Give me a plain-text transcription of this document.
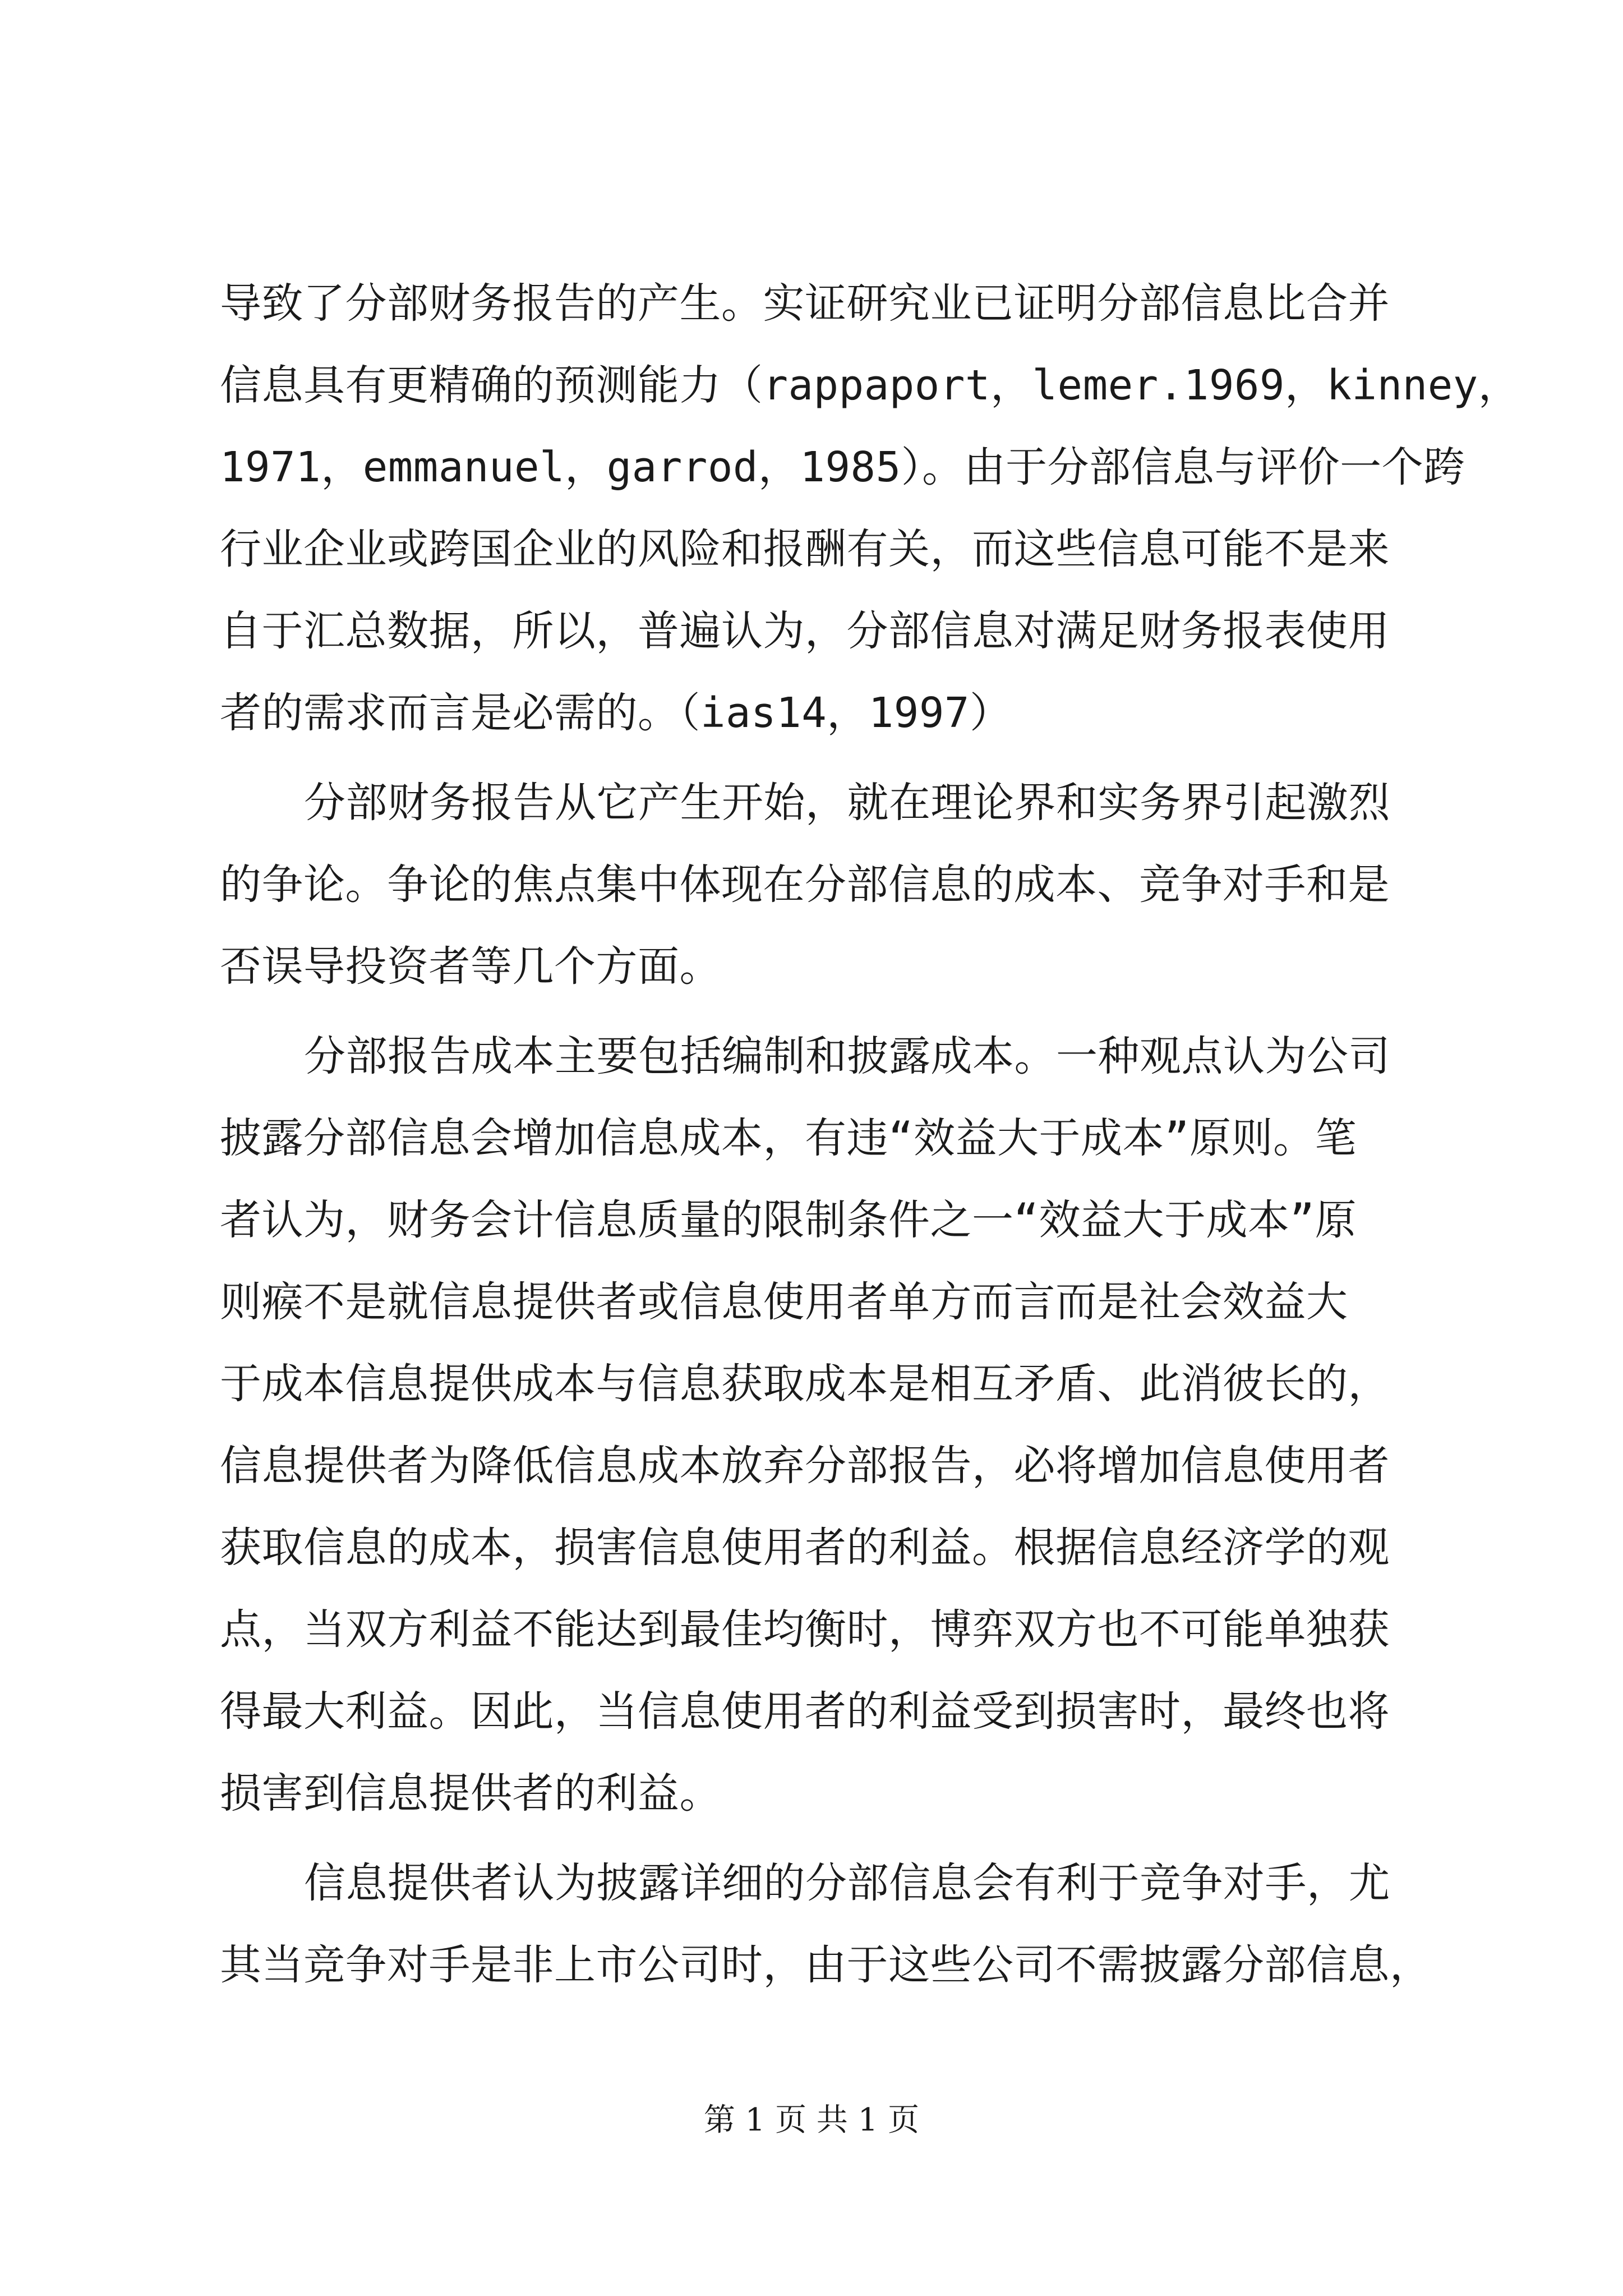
导致了分部财务报告的产生。实证研究业已证明分部信息比合并
信息具有更精确的预测能力（rappaport，lemer.1969，kinney，
1971，emmanuel，garrod，1985）。由于分部信息与评价一个跨
行业企业或跨国企业的风险和报酬有关，而这些信息可能不是来
自于汇总数据，所以，普遍认为，分部信息对满足财务报表使用
者的需求而言是必需的。（ias14，1997）
分部财务报告从它产生开始，就在理论界和实务界引起激烈
的争论。争论的焦点集中体现在分部信息的成本、竞争对手和是
否误导投资者等几个方面。
分部报告成本主要包括编制和披露成本。一种观点认为公司
披露分部信息会增加信息成本，有违“效益大于成本”原则。笔
者认为，财务会计信息质量的限制条件之一“效益大于成本”原
则瘊不是就信息提供者或信息使用者单方而言而是社会效益大
于成本信息提供成本与信息获取成本是相互矛盾、此消彼长的，
信息提供者为降低信息成本放弃分部报告，必将增加信息使用者
获取信息的成本，损害信息使用者的利益。根据信息经济学的观
点，当双方利益不能达到最佳均衡时，博弈双方也不可能单独获
得最大利益。因此，当信息使用者的利益受到损害时，最终也将
损害到信息提供者的利益。
信息提供者认为披露详细的分部信息会有利于竞争对手，尤
其当竞争对手是非上市公司时，由于这些公司不需披露分部信息，
第 1 页 共 1 页
